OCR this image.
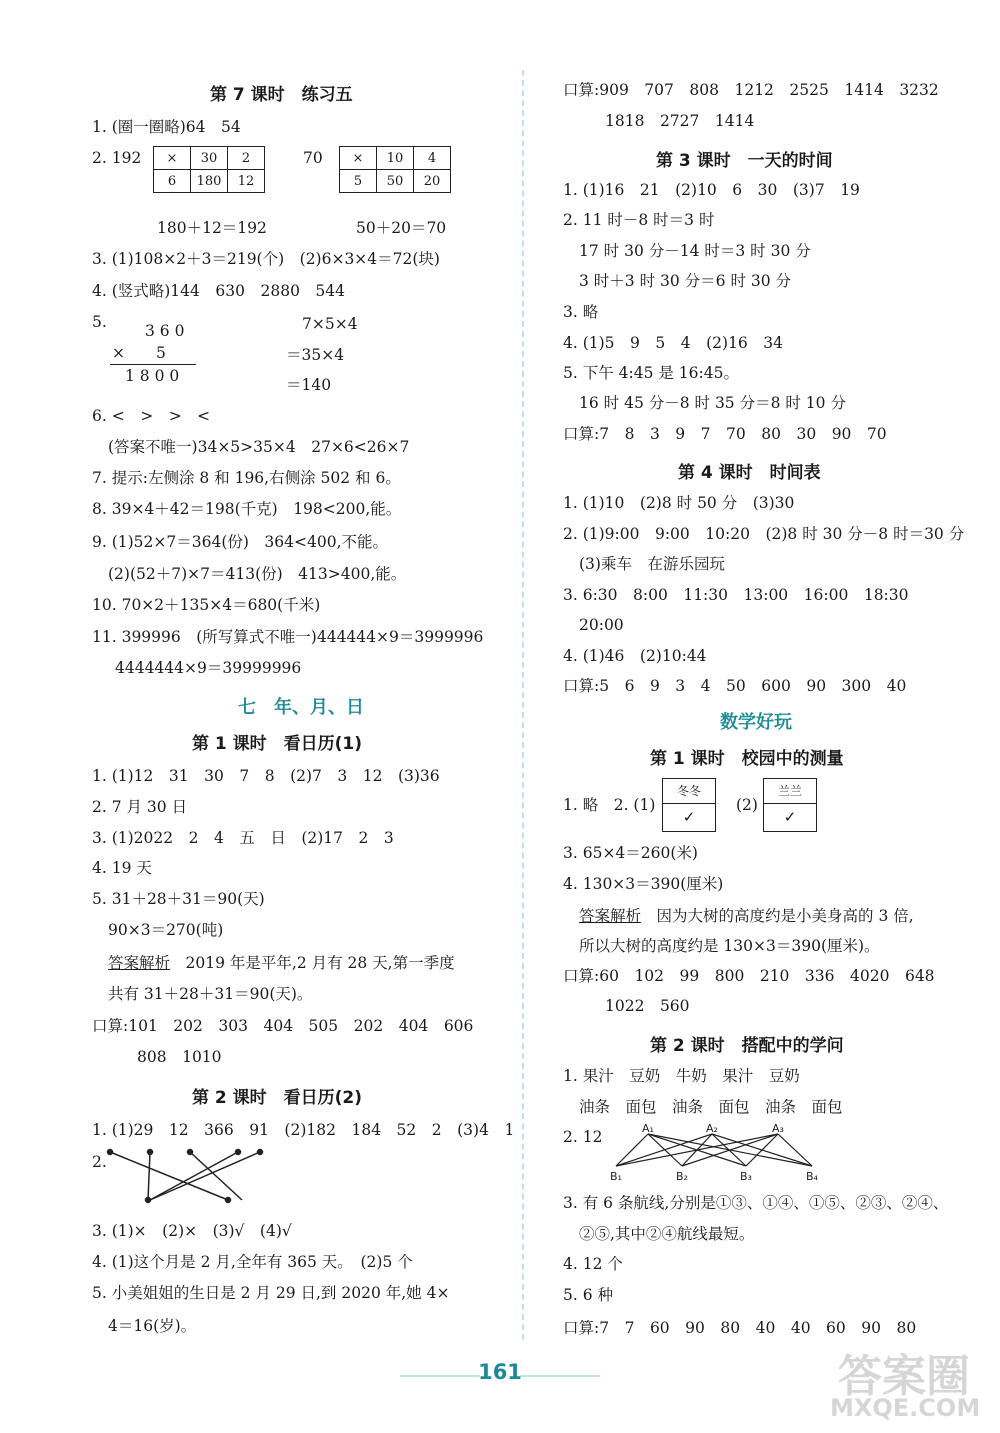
第 7 课时　练习五
1. (圈一圈略)64　54
2. 192 ×	30	2
6	180	12
70 ×	10	4
5	50	20
180＋12＝192	50＋20＝70
3. (1)108×2＋3＝219(个)　(2)6×3×4＝72(块)
4. (竖式略)144　630　2880　544
5. 3 6 0
×　　5
1 8 0 0
7×5×4
＝35×4
＝140
6. <　>　>　<
(答案不唯一)34×5>35×4　27×6<26×7
7. 提示:左侧涂 8 和 196,右侧涂 502 和 6。
8. 39×4＋42＝198(千克)　198<200,能。
9. (1)52×7＝364(份)　364<400,不能。
(2)(52＋7)×7＝413(份)　413>400,能。
10. 70×2＋135×4＝680(千米)
11. 399996　(所写算式不唯一)444444×9＝3999996
4444444×9＝39999996
七　年、月、日
第 1 课时　看日历(1)
1. (1)12　31　30　7　8　(2)7　3　12　(3)36
2. 7 月 30 日
3. (1)2022　2　4　五　日　(2)17　2　3
4. 19 天
5. 31＋28＋31＝90(天)
90×3＝270(吨)
答案解析　2019 年是平年,2 月有 28 天,第一季度
共有 31＋28＋31＝90(天)。
口算:101　202　303　404　505　202　404　606
808　1010
第 2 课时　看日历(2)
1. (1)29　12　366　91　(2)182　184　52　2　(3)4　1
2.
3. (1)×　(2)×　(3)√　(4)√
4. (1)这个月是 2 月,全年有 365 天。　(2)5 个
5. 小美姐姐的生日是 2 月 29 日,到 2020 年,她 4×
4＝16(岁)。
口算:909　707　808　1212　2525　1414　3232
1818　2727　1414
第 3 课时　一天的时间
1. (1)16　21　(2)10　6　30　(3)7　19
2. 11 时－8 时＝3 时
17 时 30 分－14 时＝3 时 30 分
3 时＋3 时 30 分＝6 时 30 分
3. 略
4. (1)5　9　5　4　(2)16　34
5. 下午 4:45 是 16:45。
16 时 45 分－8 时 35 分＝8 时 10 分
口算:7　8　3　9　7　70　80　30　90　70
第 4 课时　时间表
1. (1)10　(2)8 时 50 分　(3)30
2. (1)9:00　9:00　10:20　(2)8 时 30 分－8 时＝30 分
(3)乘车　在游乐园玩
3. 6:30　8:00　11:30　13:00　16:00　18:30
20:00
4. (1)46　(2)10:44
口算:5　6　9　3　4　50　600　90　300　40
数学好玩
第 1 课时　校园中的测量
1. 略　2. (1)
冬冬
✓
(2)
兰兰
✓
3. 65×4＝260(米)
4. 130×3＝390(厘米)
答案解析　因为大树的高度约是小美身高的 3 倍,
所以大树的高度约是 130×3＝390(厘米)。
口算:60　102　99　800　210　336　4020　648
1022　560
第 2 课时　搭配中的学问
1. 果汁　豆奶　牛奶　果汁　豆奶
油条　面包　油条　面包　油条　面包
2. 12	A₁	A₂	A₃
B₁	B₂	B₃	B₄
3. 有 6 条航线,分别是①③、①④、①⑤、②③、②④、
②⑤,其中②④航线最短。
4. 12 个
5. 6 种
口算:7　7　60　90　80　40　40　60　90　80
161	答案圈
MXQE.COM
